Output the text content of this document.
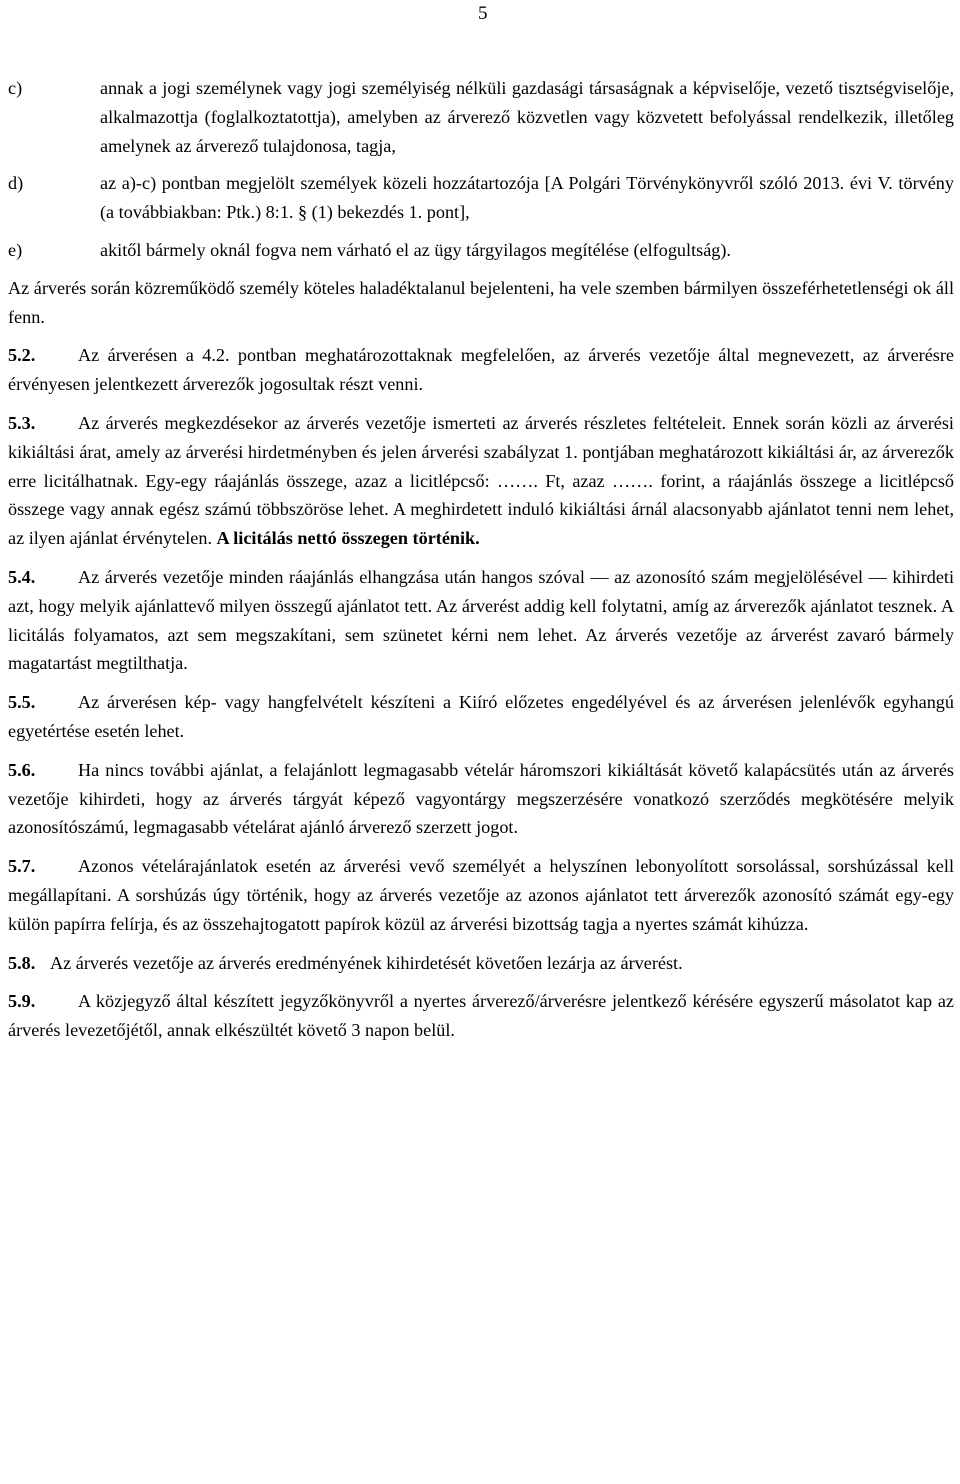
5
c)	annak a jogi személynek vagy jogi személyiség nélküli gazdasági társaságnak a képviselője, vezető tisztségviselője, alkalmazottja (foglalkoztatottja), amelyben az árverező közvetlen vagy közvetett befolyással rendelkezik, illetőleg amelynek az árverező tulajdonosa, tagja,
d)	az a)-c) pontban megjelölt személyek közeli hozzátartozója [A Polgári Törvénykönyvről szóló 2013. évi V. törvény (a továbbiakban: Ptk.) 8:1. § (1) bekezdés 1. pont],
e)	akitől bármely oknál fogva nem várható el az ügy tárgyilagos megítélése (elfogultság).

Az árverés során közreműködő személy köteles haladéktalanul bejelenteni, ha vele szemben bármilyen összeférhetetlenségi ok áll fenn.

5.2. Az árverésen a 4.2. pontban meghatározottaknak megfelelően, az árverés vezetője által megnevezett, az árverésre érvényesen jelentkezett árverezők jogosultak részt venni.

5.3. Az árverés megkezdésekor az árverés vezetője ismerteti az árverés részletes feltételeit. Ennek során közli az árverési kikiáltási árat, amely az árverési hirdetményben és jelen árverési szabályzat 1. pontjában meghatározott kikiáltási ár, az árverezők erre licitálhatnak. Egy-egy ráajánlás összege, azaz a licitlépcső: ……. Ft, azaz ……. forint, a ráajánlás összege a licitlépcső összege vagy annak egész számú többszöröse lehet. A meghirdetett induló kikiáltási árnál alacsonyabb ajánlatot tenni nem lehet, az ilyen ajánlat érvénytelen. A licitálás nettó összegen történik.

5.4. Az árverés vezetője minden ráajánlás elhangzása után hangos szóval ― az azonosító szám megjelölésével ― kihirdeti azt, hogy melyik ajánlattevő milyen összegű ajánlatot tett. Az árverést addig kell folytatni, amíg az árverezők ajánlatot tesznek. A licitálás folyamatos, azt sem megszakítani, sem szünetet kérni nem lehet. Az árverés vezetője az árverést zavaró bármely magatartást megtilthatja.

5.5. Az árverésen kép- vagy hangfelvételt készíteni a Kiíró előzetes engedélyével és az árverésen jelenlévők egyhangú egyetértése esetén lehet.

5.6. Ha nincs további ajánlat, a felajánlott legmagasabb vételár háromszori kikiáltását követő kalapácsütés után az árverés vezetője kihirdeti, hogy az árverés tárgyát képező vagyontárgy megszerzésére vonatkozó szerződés megkötésére melyik azonosítószámú, legmagasabb vételárat ajánló árverező szerzett jogot.

5.7. Azonos vételárajánlatok esetén az árverési vevő személyét a helyszínen lebonyolított sorsolással, sorshúzással kell megállapítani. A sorshúzás úgy történik, hogy az árverés vezetője az azonos ajánlatot tett árverezők azonosító számát egy-egy külön papírra felírja, és az összehajtogatott papírok közül az árverési bizottság tagja a nyertes számát kihúzza.

5.8. Az árverés vezetője az árverés eredményének kihirdetését követően lezárja az árverést.

5.9. A közjegyző által készített jegyzőkönyvről a nyertes árverező/árverésre jelentkező kérésére egyszerű másolatot kap az árverés levezetőjétől, annak elkészültét követő 3 napon belül.
